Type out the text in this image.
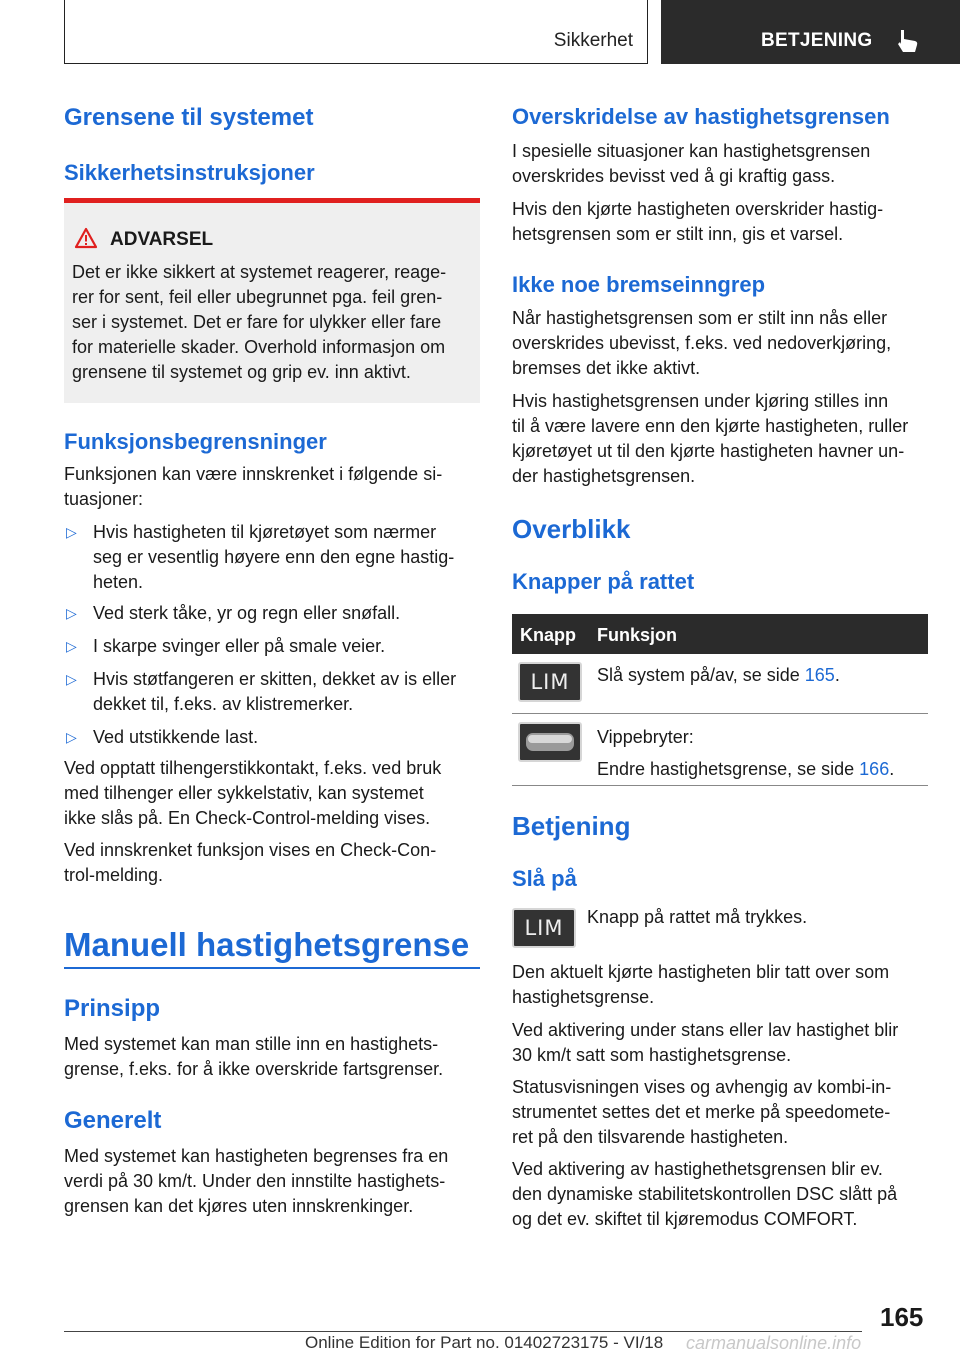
Sikkerhet	BETJENING
Grensene til systemet
Sikkerhetsinstruksjoner
ADVARSEL
Det er ikke sikkert at systemet reagerer, reage-
rer for sent, feil eller ubegrunnet pga. feil gren-
ser i systemet. Det er fare for ulykker eller fare
for materielle skader. Overhold informasjon om
grensene til systemet og grip ev. inn aktivt.
Funksjonsbegrensninger
Funksjonen kan være innskrenket i følgende si-
tuasjoner:
▷ Hvis hastigheten til kjøretøyet som nærmer
seg er vesentlig høyere enn den egne hastig-
heten.
▷ Ved sterk tåke, yr og regn eller snøfall.
▷ I skarpe svinger eller på smale veier.
▷ Hvis støtfangeren er skitten, dekket av is eller
dekket til, f.eks. av klistremerker.
▷ Ved utstikkende last.
Ved opptatt tilhengerstikkontakt, f.eks. ved bruk
med tilhenger eller sykkelstativ, kan systemet
ikke slås på. En Check-Control-melding vises.
Ved innskrenket funksjon vises en Check-Con-
trol-melding.
Manuell hastighetsgrense
Prinsipp
Med systemet kan man stille inn en hastighets-
grense, f.eks. for å ikke overskride fartsgrenser.
Generelt
Med systemet kan hastigheten begrenses fra en
verdi på 30 km/t. Under den innstilte hastighets-
grensen kan det kjøres uten innskrenkinger.
Overskridelse av hastighetsgrensen
I spesielle situasjoner kan hastighetsgrensen
overskrides bevisst ved å gi kraftig gass.
Hvis den kjørte hastigheten overskrider hastig-
hetsgrensen som er stilt inn, gis et varsel.
Ikke noe bremseinngrep
Når hastighetsgrensen som er stilt inn nås eller
overskrides ubevisst, f.eks. ved nedoverkjøring,
bremses det ikke aktivt.
Hvis hastighetsgrensen under kjøring stilles inn
til å være lavere enn den kjørte hastigheten, ruller
kjøretøyet ut til den kjørte hastigheten havner un-
der hastighetsgrensen.
Overblikk
Knapper på rattet
Knapp Funksjon
LIM	Slå system på/av, se side 165.
Vippebryter:
Endre hastighetsgrense, se side 166.
Betjening
Slå på
LIM	Knapp på rattet må trykkes.
Den aktuelt kjørte hastigheten blir tatt over som
hastighetsgrense.
Ved aktivering under stans eller lav hastighet blir
30 km/t satt som hastighetsgrense.
Statusvisningen vises og avhengig av kombi-in-
strumentet settes det et merke på speedomete-
ret på den tilsvarende hastigheten.
Ved aktivering av hastighethetsgrensen blir ev.
den dynamiske stabilitetskontrollen DSC slått på
og det ev. skiftet til kjøremodus COMFORT.
165
Online Edition for Part no. 01402723175 - VI/18 carmanualsonline.info
